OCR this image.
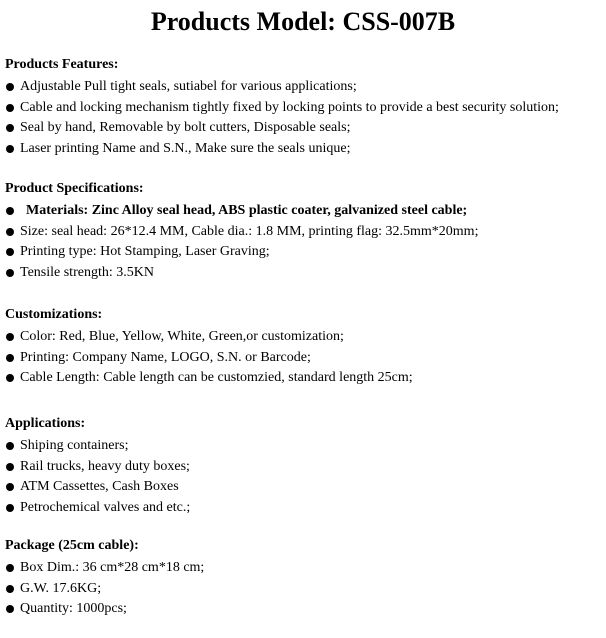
Products Model: CSS-007B
Products Features:
Adjustable Pull tight seals, sutiabel for various applications;
Cable and locking mechanism tightly fixed by locking points to provide a best security solution;
Seal by hand, Removable by bolt cutters, Disposable seals;
Laser printing Name and S.N., Make sure the seals unique;
Product Specifications:
Materials: Zinc Alloy seal head, ABS plastic coater, galvanized steel cable;
Size: seal head: 26*12.4 MM, Cable dia.: 1.8 MM, printing flag: 32.5mm*20mm;
Printing type: Hot Stamping, Laser Graving;
Tensile strength: 3.5KN
Customizations:
Color: Red, Blue, Yellow, White, Green,or customization;
Printing: Company Name, LOGO, S.N. or Barcode;
Cable Length: Cable length can be customzied, standard length 25cm;
Applications:
Shiping containers;
Rail trucks, heavy duty boxes;
ATM Cassettes, Cash Boxes
Petrochemical valves and etc.;
Package (25cm cable):
Box Dim.: 36 cm*28 cm*18 cm;
G.W. 17.6KG;
Quantity: 1000pcs;
